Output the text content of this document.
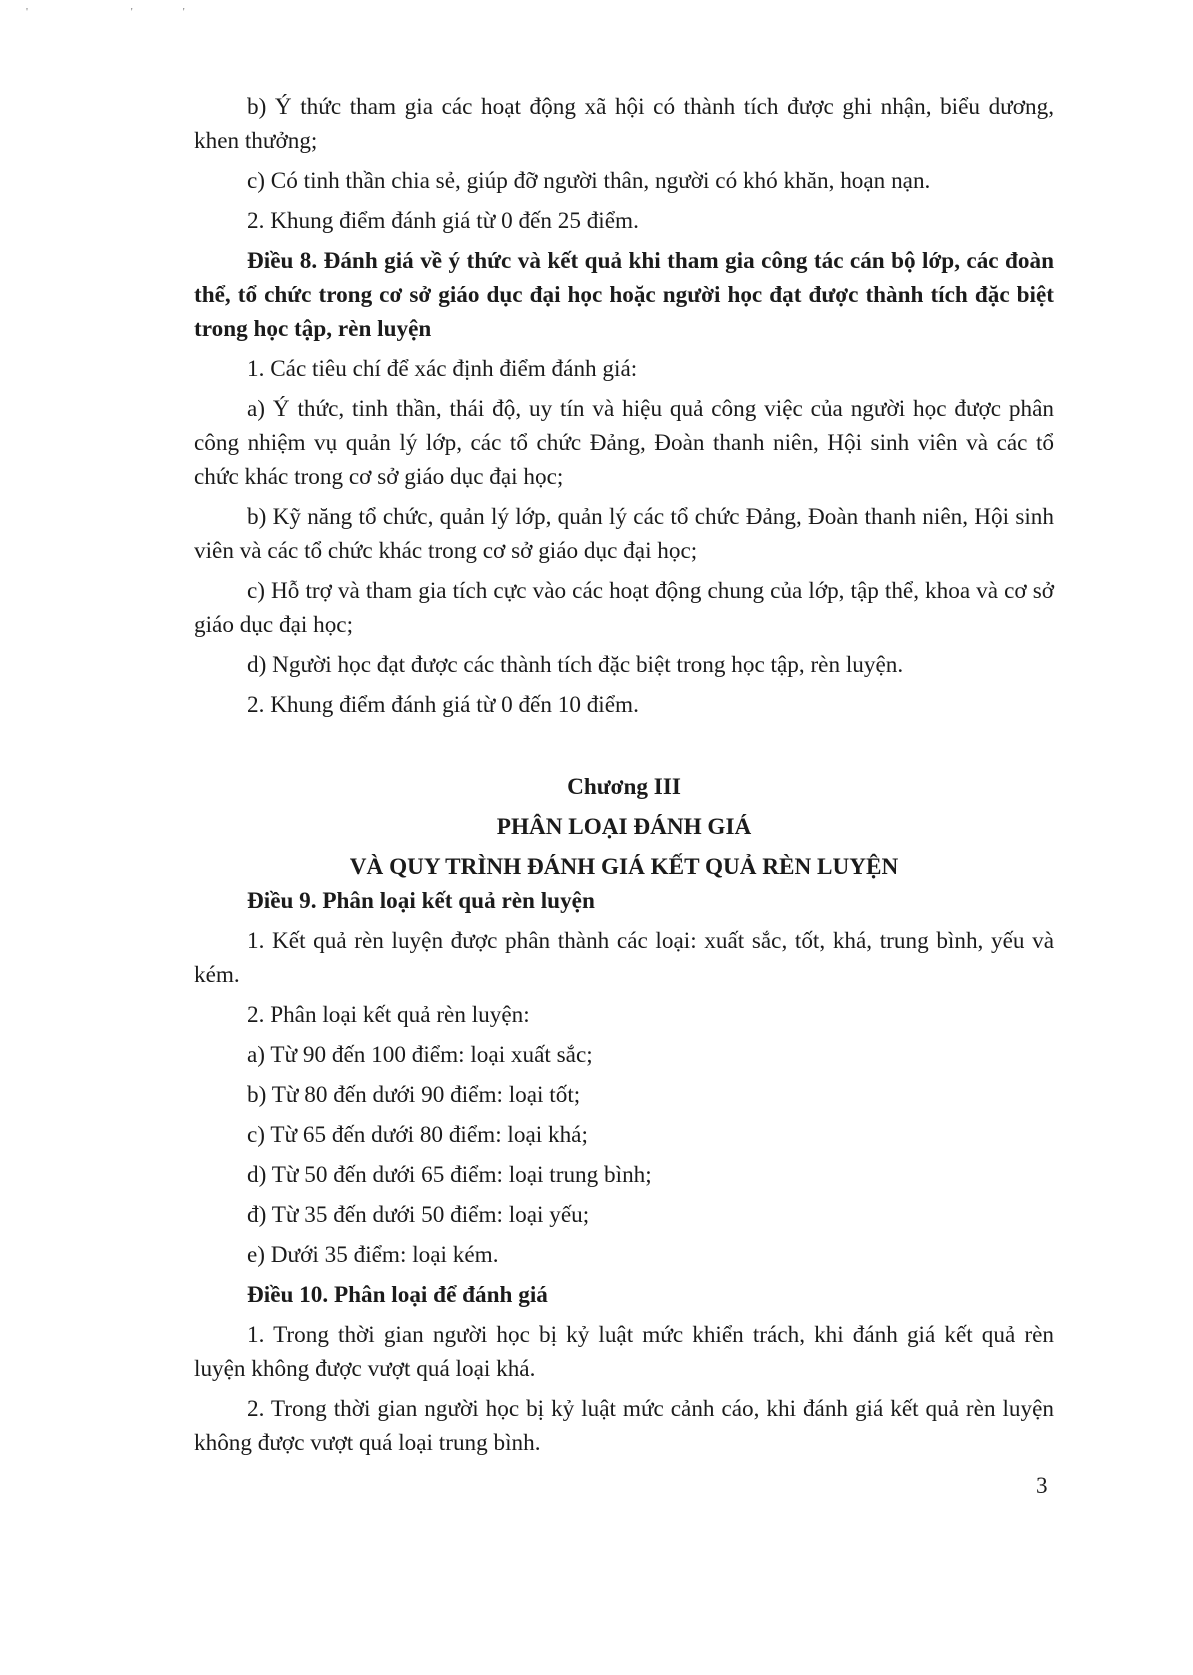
' ''

b) Ý thức tham gia các hoạt động xã hội có thành tích được ghi nhận, biểu dương, khen thưởng;

c) Có tinh thần chia sẻ, giúp đỡ người thân, người có khó khăn, hoạn nạn.

2. Khung điểm đánh giá từ 0 đến 25 điểm.

Điều 8. Đánh giá về ý thức và kết quả khi tham gia công tác cán bộ lớp, các đoàn thể, tổ chức trong cơ sở giáo dục đại học hoặc người học đạt được thành tích đặc biệt trong học tập, rèn luyện

1. Các tiêu chí để xác định điểm đánh giá:

a) Ý thức, tinh thần, thái độ, uy tín và hiệu quả công việc của người học được phân công nhiệm vụ quản lý lớp, các tổ chức Đảng, Đoàn thanh niên, Hội sinh viên và các tổ chức khác trong cơ sở giáo dục đại học;

b) Kỹ năng tổ chức, quản lý lớp, quản lý các tổ chức Đảng, Đoàn thanh niên, Hội sinh viên và các tổ chức khác trong cơ sở giáo dục đại học;

c) Hỗ trợ và tham gia tích cực vào các hoạt động chung của lớp, tập thể, khoa và cơ sở giáo dục đại học;

d) Người học đạt được các thành tích đặc biệt trong học tập, rèn luyện.

2. Khung điểm đánh giá từ 0 đến 10 điểm.

Chương III

PHÂN LOẠI ĐÁNH GIÁ

VÀ QUY TRÌNH ĐÁNH GIÁ KẾT QUẢ RÈN LUYỆN

Điều 9. Phân loại kết quả rèn luyện

1. Kết quả rèn luyện được phân thành các loại: xuất sắc, tốt, khá, trung bình, yếu và kém.

2. Phân loại kết quả rèn luyện:

a) Từ 90 đến 100 điểm: loại xuất sắc;

b) Từ 80 đến dưới 90 điểm: loại tốt;

c) Từ 65 đến dưới 80 điểm: loại khá;

d) Từ 50 đến dưới 65 điểm: loại trung bình;

đ) Từ 35 đến dưới 50 điểm: loại yếu;

e) Dưới 35 điểm: loại kém.

Điều 10. Phân loại để đánh giá

1. Trong thời gian người học bị kỷ luật mức khiển trách, khi đánh giá kết quả rèn luyện không được vượt quá loại khá.

2. Trong thời gian người học bị kỷ luật mức cảnh cáo, khi đánh giá kết quả rèn luyện không được vượt quá loại trung bình.

3
